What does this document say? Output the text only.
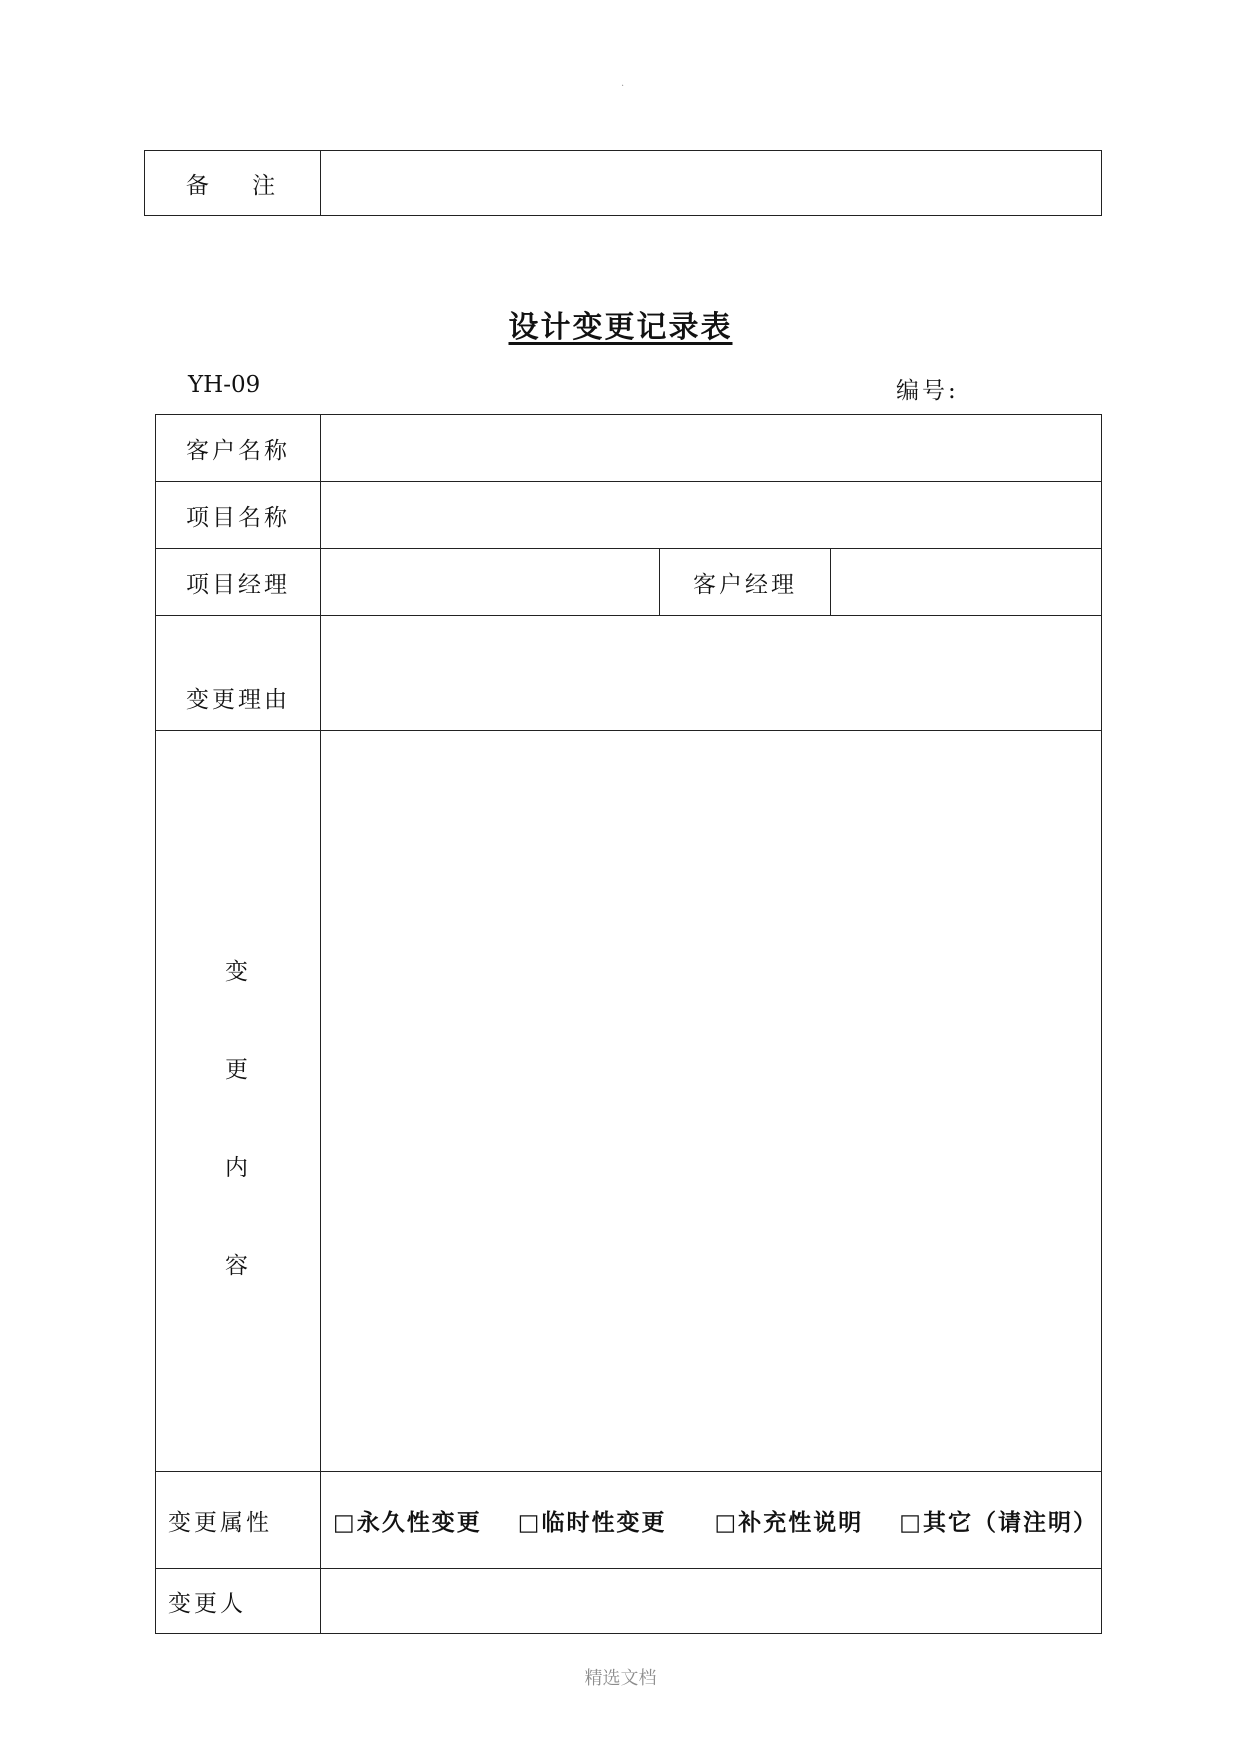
.
备 注	
设计变更记录表
YH-09	编号:
客户名称			
项目名称			
项目经理		客户经理	
变更理由			

变
更
内
容			

变更属性	□永久性变更 □临时性变更 □补充性说明 □其它（请注明）		
变更人			
精选文档
